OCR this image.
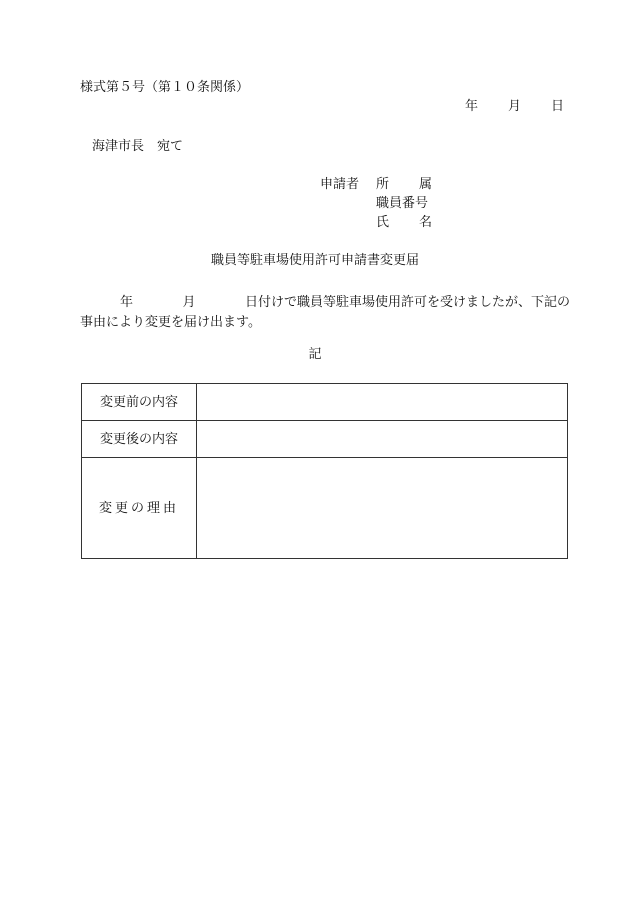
様式第５号（第１０条関係）
年 月 日
海津市長　宛て
申請者	所 属
職員番号
氏 名
職員等駐車場使用許可申請書変更届
年	月	日付けで職員等駐車場使用許可を受けましたが、下記の
事由により変更を届け出ます。
記
変更前の内容	
変更後の内容	
変更の理由	
